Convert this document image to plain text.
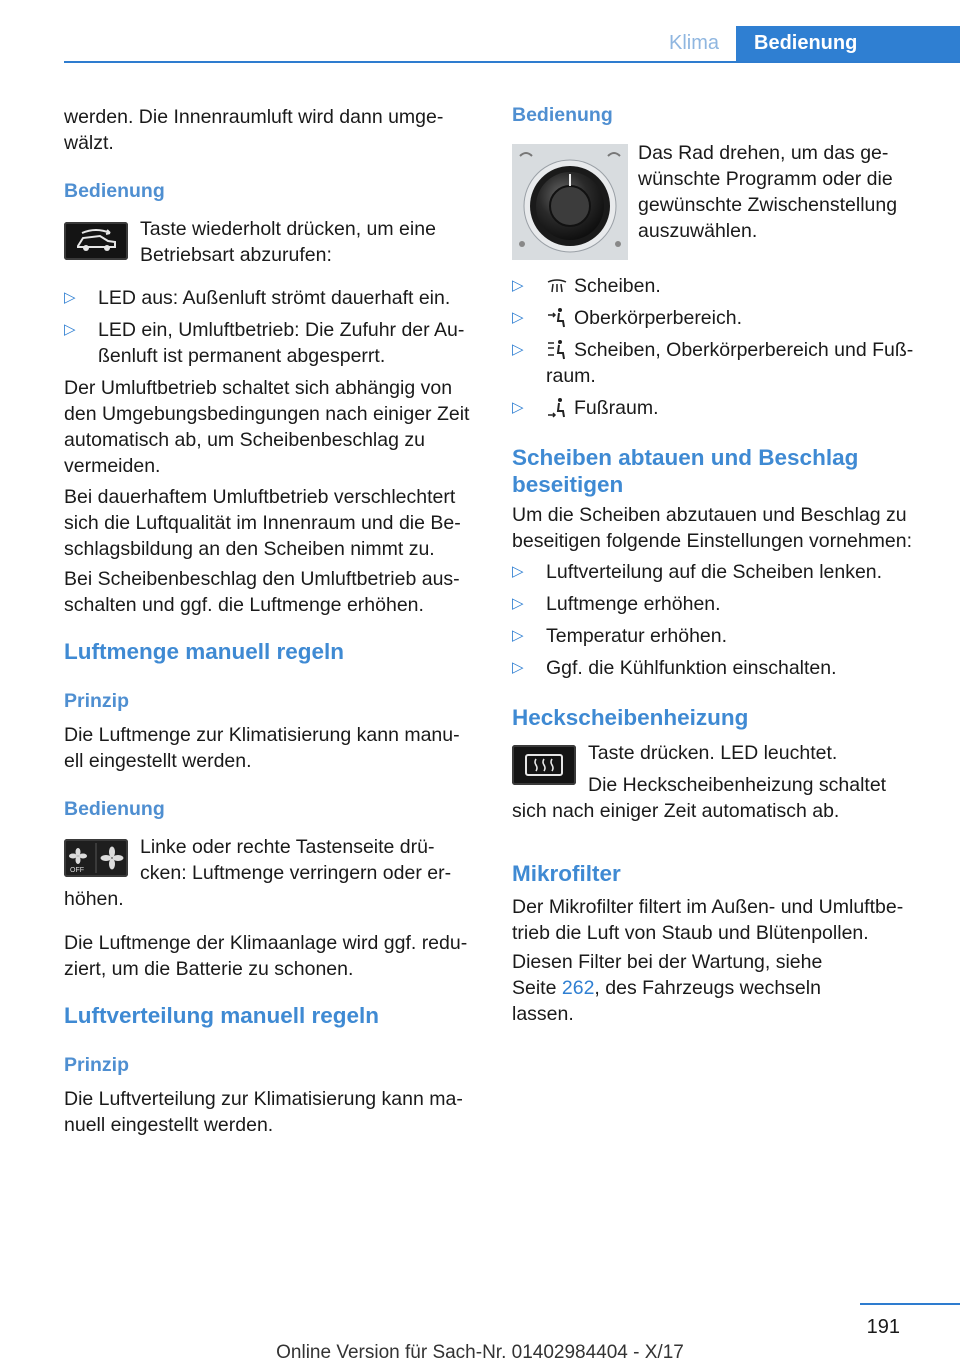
Klima	Bedienung

werden. Die Innenraumluft wird dann umge‐wälzt.

Bedienung

Taste wiederholt drücken, um eine Betriebsart abzurufen:

▷ LED aus: Außenluft strömt dauerhaft ein.
▷ LED ein, Umluftbetrieb: Die Zufuhr der Au‐ßenluft ist permanent abgesperrt.

Der Umluftbetrieb schaltet sich abhängig von den Umgebungsbedingungen nach einiger Zeit automatisch ab, um Scheibenbeschlag zu vermeiden.

Bei dauerhaftem Umluftbetrieb verschlechtert sich die Luftqualität im Innenraum und die Be‐schlagsbildung an den Scheiben nimmt zu.

Bei Scheibenbeschlag den Umluftbetrieb aus‐schalten und ggf. die Luftmenge erhöhen.

Luftmenge manuell regeln
Prinzip

Die Luftmenge zur Klimatisierung kann manu‐ell eingestellt werden.

Bedienung
OFF

Linke oder rechte Tastenseite drü‐

cken: Luftmenge verringern oder er‐

höhen.

Die Luftmenge der Klimaanlage wird ggf. redu‐ziert, um die Batterie zu schonen.

Luftverteilung manuell regeln
Prinzip

Die Luftverteilung zur Klimatisierung kann ma‐nuell eingestellt werden.

Bedienung

Das Rad drehen, um das ge‐wünschte Programm oder die gewünschte Zwischenstellung auszuwählen.

▷	Scheiben.
▷	Oberkörperbereich.
▷	Scheiben, Oberkörperbereich und Fuß‐
raum.
▷	Fußraum.
Scheiben abtauen und Beschlag beseitigen

Um die Scheiben abzutauen und Beschlag zu beseitigen folgende Einstellungen vornehmen:

▷ Luftverteilung auf die Scheiben lenken.
▷ Luftmenge erhöhen.
▷ Temperatur erhöhen.
▷ Ggf. die Kühlfunktion einschalten.
Heckscheibenheizung

Taste drücken. LED leuchtet.

Die Heckscheibenheizung schaltet

sich nach einiger Zeit automatisch ab.

Mikrofilter

Der Mikrofilter filtert im Außen- und Umluftbe‐trieb die Luft von Staub und Blütenpollen.

Diesen Filter bei der Wartung, siehe Seite 262, des Fahrzeugs wechseln lassen.

191
Online Version für Sach-Nr. 01402984404 - X/17
